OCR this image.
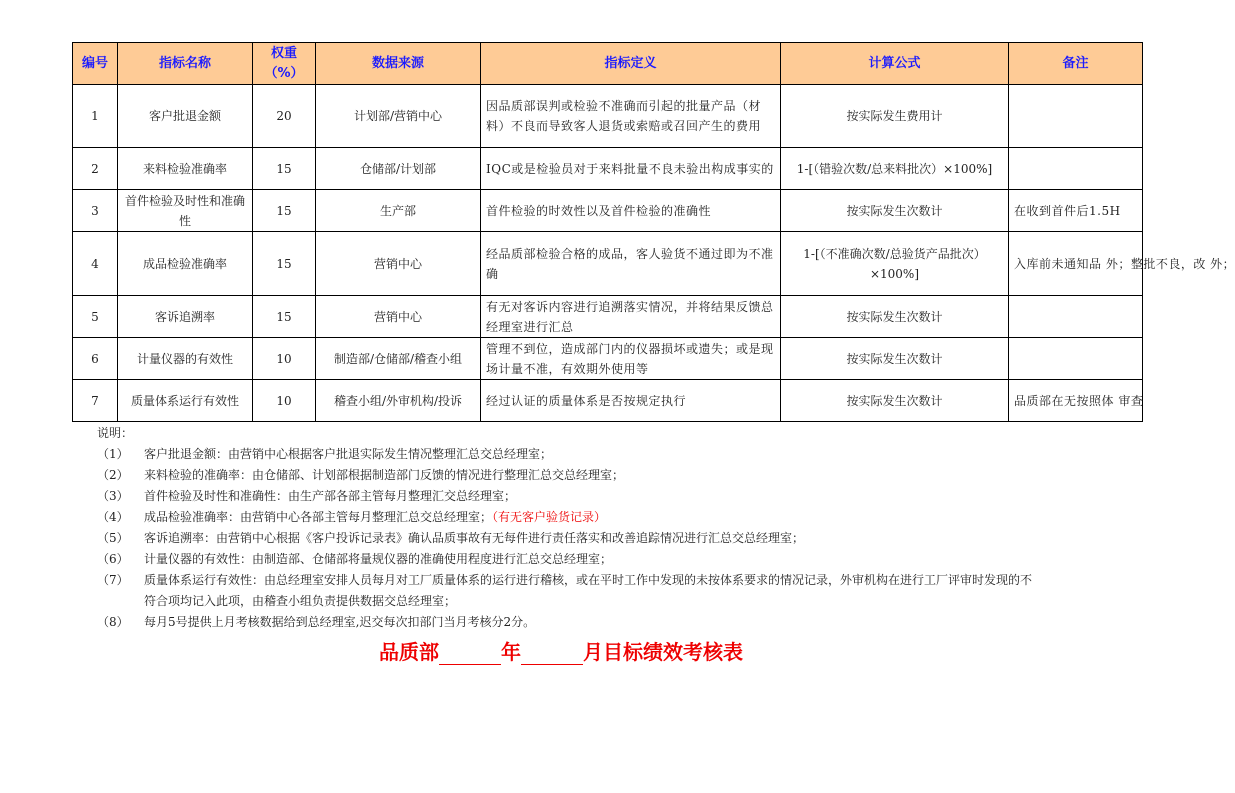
编号	指标名称	权重（%）	数据来源	指标定义	计算公式	备注
1	客户批退金额	20	计划部/营销中心	因品质部误判或检验不准确而引起的批量产品（材料）不良而导致客人退货或索赔或召回产生的费用	按实际发生费用计	
2	来料检验准确率	15	仓储部/计划部	IQC或是检验员对于来料批量不良未验出构成事实的	1-[（错验次数/总来料批次）×100%]	
3	首件检验及时性和准确性	15	生产部	首件检验的时效性以及首件检验的准确性	按实际发生次数计	在收到首件后1.5H
4	成品检验准确率	15	营销中心	经品质部检验合格的成品，客人验货不通过即为不准确	1-[（不准确次数/总验货产品批次）×100%]	入库前未通知品 外；整批不良，改 外；
5	客诉追溯率	15	营销中心	有无对客诉内容进行追溯落实情况，并将结果反馈总经理室进行汇总	按实际发生次数计	
6	计量仪器的有效性	10	制造部/仓储部/稽查小组	管理不到位，造成部门内的仪器损坏或遗失；或是现场计量不准，有效期外使用等	按实际发生次数计	
7	质量体系运行有效性	10	稽查小组/外审机构/投诉	经过认证的质量体系是否按规定执行	按实际发生次数计	品质部在无按照体 审查
说明：
（1） 客户批退金额：由营销中心根据客户批退实际发生情况整理汇总交总经理室；
（2） 来料检验的准确率：由仓储部、计划部根据制造部门反馈的情况进行整理汇总交总经理室；
（3） 首件检验及时性和准确性：由生产部各部主管每月整理汇交总经理室；
（4） 成品检验准确率：由营销中心各部主管每月整理汇总交总经理室；（有无客户验货记录）
（5） 客诉追溯率：由营销中心根据《客户投诉记录表》确认品质事故有无每件进行责任落实和改善追踪情况进行汇总交总经理室；
（6） 计量仪器的有效性：由制造部、仓储部将量规仪器的准确使用程度进行汇总交总经理室；
（7） 质量体系运行有效性：由总经理室安排人员每月对工厂质量体系的运行进行稽核，或在平时工作中发现的未按体系要求的情况记录，外审机构在进行工厂评审时发现的不符合项均记入此项，由稽查小组负责提供数据交总经理室；
（8） 每月5号提供上月考核数据给到总经理室,迟交每次扣部门当月考核分2分。
品质部	年	月目标绩效考核表
